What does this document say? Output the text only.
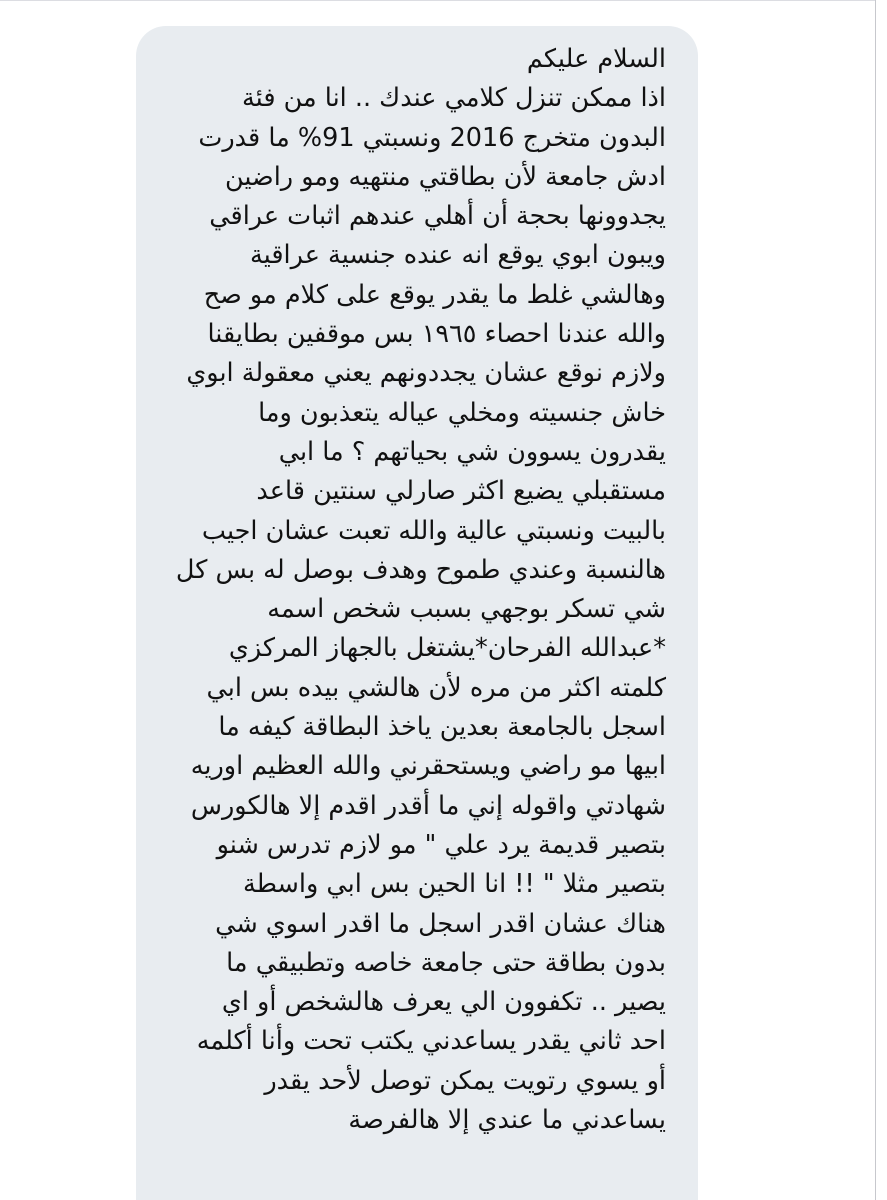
السلام عليكم
اذا ممكن تنزل كلامي عندك .. انا من فئة
البدون متخرج 2016 ونسبتي 91% ما قدرت
ادش جامعة لأن بطاقتي منتهيه ومو راضين
يجدوونها بحجة أن أهلي عندهم اثبات عراقي
ويبون ابوي يوقع انه عنده جنسية عراقية
وهالشي غلط ما يقدر يوقع على كلام مو صح
والله عندنا احصاء ١٩٦٥ بس موقفين بطايقنا
ولازم نوقع عشان يجددونهم يعني معقولة ابوي
خاش جنسيته ومخلي عياله يتعذبون وما
يقدرون يسوون شي بحياتهم ؟ ما ابي
مستقبلي يضيع اكثر صارلي سنتين قاعد
بالبيت ونسبتي عالية والله تعبت عشان اجيب
هالنسبة وعندي طموح وهدف بوصل له بس كل
شي تسكر بوجهي بسبب شخص اسمه
*عبدالله الفرحان*يشتغل بالجهاز المركزي
كلمته اكثر من مره لأن هالشي بيده بس ابي
اسجل بالجامعة بعدين ياخذ البطاقة كيفه ما
ابيها مو راضي ويستحقرني والله العظيم اوريه
شهادتي واقوله إني ما أقدر اقدم إلا هالكورس
بتصير قديمة يرد علي " مو لازم تدرس شنو
بتصير مثلا " !! انا الحين بس ابي واسطة
هناك عشان اقدر اسجل ما اقدر اسوي شي
بدون بطاقة حتى جامعة خاصه وتطبيقي ما
يصير .. تكفوون الي يعرف هالشخص أو اي
احد ثاني يقدر يساعدني يكتب تحت وأنا أكلمه
أو يسوي رتويت يمكن توصل لأحد يقدر
يساعدني ما عندي إلا هالفرصة
